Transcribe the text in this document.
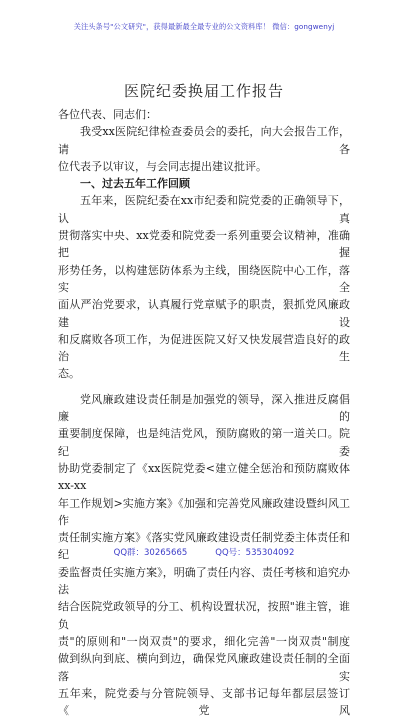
关注头条号"公文研究"，获得最新最全最专业的公文资料库！ 微信：gongwenyj
医院纪委换届工作报告

各位代表、同志们：

我受xx医院纪律检查委员会的委托，向大会报告工作，请各

位代表予以审议，与会同志提出建议批评。

一、过去五年工作回顾

五年来，医院纪委在xx市纪委和院党委的正确领导下，认真

贯彻落实中央、xx党委和院党委一系列重要会议精神，准确把握

形势任务，以构建惩防体系为主线，围绕医院中心工作，落实全

面从严治党要求，认真履行党章赋予的职责，狠抓党风廉政建设

和反腐败各项工作，为促进医院又好又快发展营造良好的政治生

态。

党风廉政建设责任制是加强党的领导，深入推进反腐倡廉的

重要制度保障，也是纯洁党风，预防腐败的第一道关口。院纪委

协助党委制定了《xx医院党委<建立健全惩治和预防腐败体xx-xx

年工作规划>实施方案》《加强和完善党风廉政建设暨纠风工作

责任制实施方案》《落实党风廉政建设责任制党委主体责任和纪

委监督责任实施方案》，明确了责任内容、责任考核和追究办法

结合医院党政领导的分工、机构设置状况，按照"谁主管，谁负

责"的原则和"一岗双责"的要求，细化完善"一岗双责"制度

做到纵向到底、横向到边，确保党风廉政建设责任制的全面落实

五年来，院党委与分管院领导、支部书记每年都层层签订《党风

QQ群：30265665	QQ号：535304092
